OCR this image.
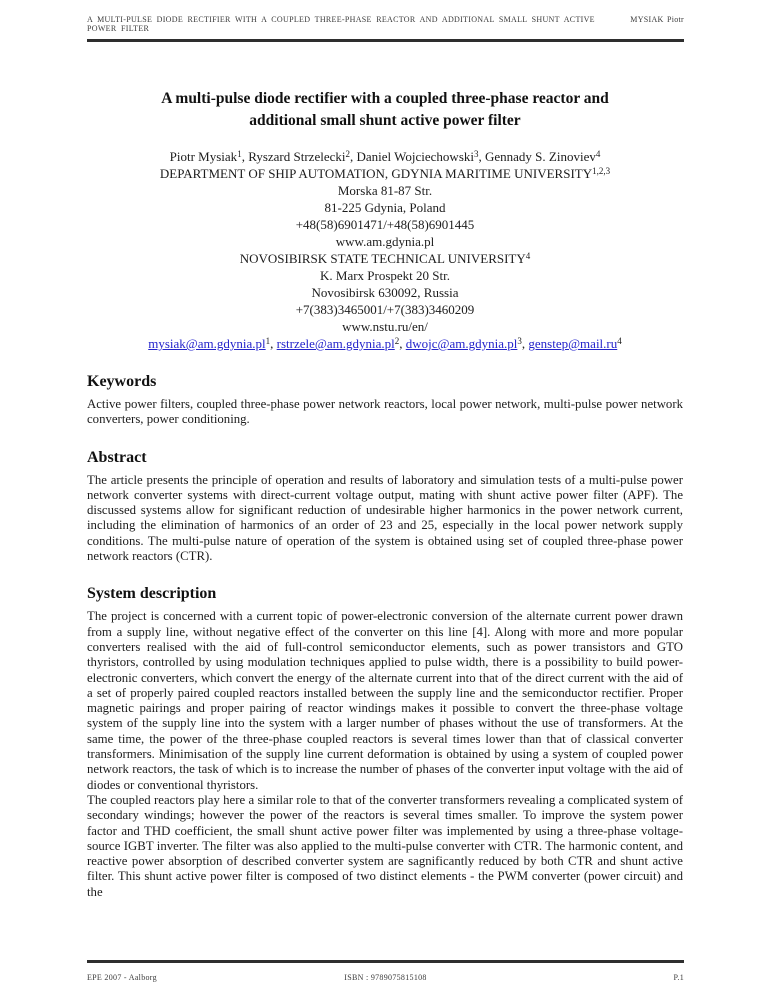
A MULTI-PULSE DIODE RECTIFIER WITH A COUPLED THREE-PHASE REACTOR AND ADDITIONAL SMALL SHUNT ACTIVE POWER FILTER
MYSIAK Piotr
A multi-pulse diode rectifier with a coupled three-phase reactor and
additional small shunt active power filter
Piotr Mysiak$^1$, Ryszard Strzelecki$^2$, Daniel Wojciechowski$^3$, Gennady S. Zinoviev$^4$
DEPARTMENT OF SHIP AUTOMATION, GDYNIA MARITIME UNIVERSITY$^{1,2,3}$
Morska 81-87 Str.
81-225 Gdynia, Poland
+48(58)6901471/+48(58)6901445
www.am.gdynia.pl
NOVOSIBIRSK STATE TECHNICAL UNIVERSITY$^4$
K. Marx Prospekt 20 Str.
Novosibirsk 630092, Russia
+7(383)3465001/+7(383)3460209
www.nstu.ru/en/
$mysiak@am.gdynia.pl^1$, $rstrzele@am.gdynia.pl^2$, $dwojc@am.gdynia.pl^3$, $genstep@mail.ru^4$
Keywords

Active power filters, coupled three-phase power network reactors, local power network, multi-pulse power network converters, power conditioning.

Abstract

The article presents the principle of operation and results of laboratory and simulation tests of a multi-pulse power network converter systems with direct-current voltage output, mating with shunt active power filter (APF). The discussed systems allow for significant reduction of undesirable higher harmonics in the power network current, including the elimination of harmonics of an order of 23 and 25, especially in the local power network supply conditions. The multi-pulse nature of operation of the system is obtained using set of coupled three-phase power network reactors (CTR).

System description

The project is concerned with a current topic of power-electronic conversion of the alternate current power drawn from a supply line, without negative effect of the converter on this line [4]. Along with more and more popular converters realised with the aid of full-control semiconductor elements, such as power transistors and GTO thyristors, controlled by using modulation techniques applied to pulse width, there is a possibility to build power-electronic converters, which convert the energy of the alternate current into that of the direct current with the aid of a set of properly paired coupled reactors installed between the supply line and the semiconductor rectifier. Proper magnetic pairings and proper pairing of reactor windings makes it possible to convert the three-phase voltage system of the supply line into the system with a larger number of phases without the use of transformers. At the same time, the power of the three-phase coupled reactors is several times lower than that of classical converter transformers. Minimisation of the supply line current deformation is obtained by using a system of coupled power network reactors, the task of which is to increase the number of phases of the converter input voltage with the aid of diodes or conventional thyristors.

The coupled reactors play here a similar role to that of the converter transformers revealing a complicated system of secondary windings; however the power of the reactors is several times smaller. To improve the system power factor and THD coefficient, the small shunt active power filter was implemented by using a three-phase voltage-source IGBT inverter. The filter was also applied to the multi-pulse converter with CTR. The harmonic content, and reactive power absorption of described converter system are sagnificantly reduced by both CTR and shunt active filter. This shunt active power filter is composed of two distinct elements - the PWM converter (power circuit) and the

EPE 2007 - Aalborg	ISBN : 9789075815108	P.1
